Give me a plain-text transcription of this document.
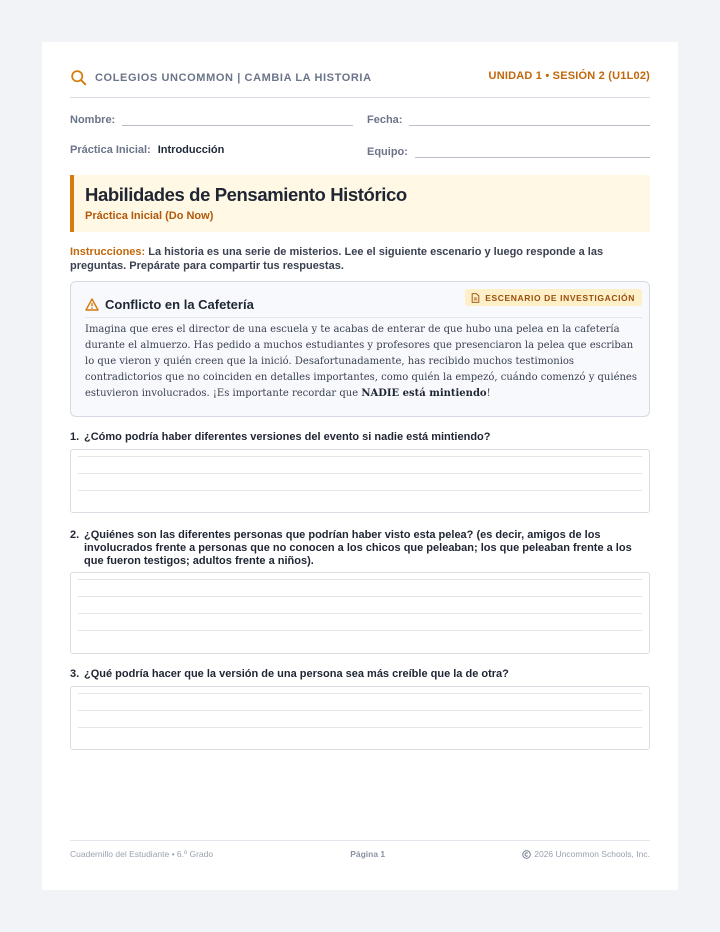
COLEGIOS UNCOMMON | CAMBIA LA HISTORIA	UNIDAD 1 • SESIÓN 2 (U1L02)
Nombre:	Fecha:
Práctica Inicial: Introducción	Equipo:
Habilidades de Pensamiento Histórico
Práctica Inicial (Do Now)
Instrucciones: La historia es una serie de misterios. Lee el siguiente escenario y luego responde a las preguntas. Prepárate para compartir tus respuestas.
ESCENARIO DE INVESTIGACIÓN
Conflicto en la Cafetería

Imagina que eres el director de una escuela y te acabas de enterar de que hubo una pelea en la cafetería durante el almuerzo. Has pedido a muchos estudiantes y profesores que presenciaron la pelea que escriban lo que vieron y quién creen que la inició. Desafortunadamente, has recibido muchos testimonios contradictorios que no coinciden en detalles importantes, como quién la empezó, cuándo comenzó y quiénes estuvieron involucrados. ¡Es importante recordar que NADIE está mintiendo!

1. ¿Cómo podría haber diferentes versiones del evento si nadie está mintiendo?
2. ¿Quiénes son las diferentes personas que podrían haber visto esta pelea? (es decir, amigos de los involucrados frente a personas que no conocen a los chicos que peleaban; los que peleaban frente a los que fueron testigos; adultos frente a niños).
3. ¿Qué podría hacer que la versión de una persona sea más creíble que la de otra?
Cuadernillo del Estudiante • 6.º Grado	Página 1	2026 Uncommon Schools, Inc.
